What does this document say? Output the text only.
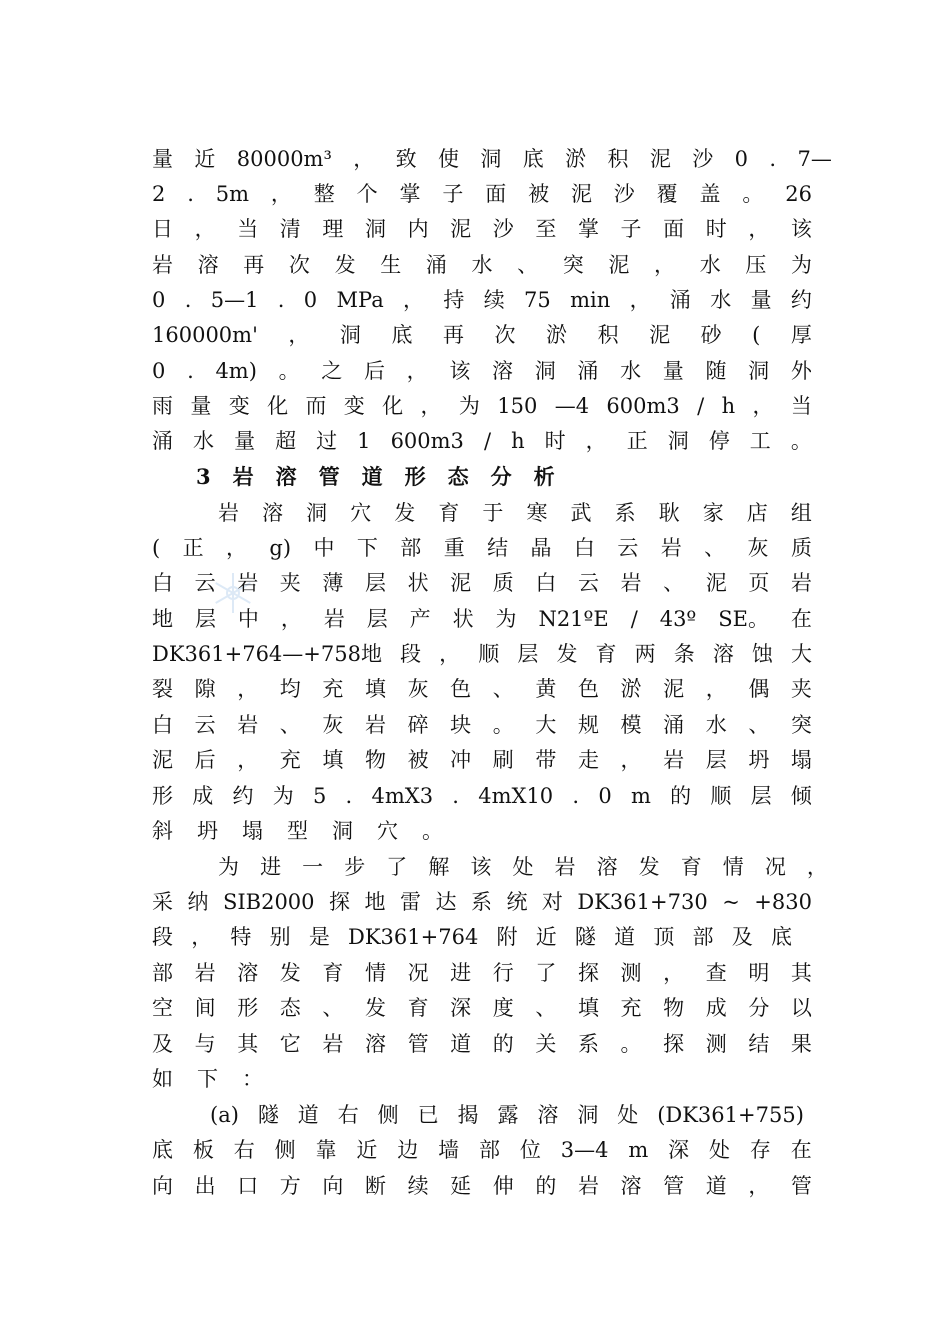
量 近 80000m³ ， 致 使 洞 底 淤 积 泥 沙 0 . 7—
2 . 5m ， 整 个 掌 子 面 被 泥 沙 覆 盖 。 26
日 ， 当 清 理 洞 内 泥 沙 至 掌 子 面 时 ， 该
岩 溶 再 次 发 生 涌 水 、 突 泥 ， 水 压 为
0 . 5—1 . 0 MPa ， 持 续 75 min ， 涌 水 量 约
160000m' ， 洞 底 再 次 淤 积 泥 砂 ( 厚
0 . 4m) 。 之 后 ， 该 溶 洞 涌 水 量 随 洞 外
雨 量 变 化 而 变 化 ， 为 150 —4 600m3 / h ， 当
涌 水 量 超 过 1 600m3 / h 时 ， 正 洞 停 工 。
3 岩 溶 管 道 形 态 分 析
岩 溶 洞 穴 发 育 于 寒 武 系 耿 家 店 组
( 正 ， g) 中 下 部 重 结 晶 白 云 岩 、 灰 质
白 云 岩 夹 薄 层 状 泥 质 白 云 岩 、 泥 页 岩
地 层 中 ， 岩 层 产 状 为 N21ºE / 43º SE。 在
DK361+764—+758地 段 ， 顺 层 发 育 两 条 溶 蚀 大
裂 隙 ， 均 充 填 灰 色 、 黄 色 淤 泥 ， 偶 夹
白 云 岩 、 灰 岩 碎 块 。 大 规 模 涌 水 、 突
泥 后 ， 充 填 物 被 冲 刷 带 走 ， 岩 层 坍 塌
形 成 约 为 5 . 4mX3 . 4mX10 . 0 m 的 顺 层 倾
斜 坍 塌 型 洞 穴 。
为 进 一 步 了 解 该 处 岩 溶 发 育 情 况 ，
采 纳 SIB2000 探 地 雷 达 系 统 对 DK361+730 ~ +830
段 ， 特 别 是 DK361+764 附 近 隧 道 顶 部 及 底
部 岩 溶 发 育 情 况 进 行 了 探 测 ， 查 明 其
空 间 形 态 、 发 育 深 度 、 填 充 物 成 分 以
及 与 其 它 岩 溶 管 道 的 关 系 。 探 测 结 果
如 下 ：
(a) 隧 道 右 侧 已 揭 露 溶 洞 处 (DK361+755)
底 板 右 侧 靠 近 边 墙 部 位 3—4 m 深 处 存 在
向 出 口 方 向 断 续 延 伸 的 岩 溶 管 道 ， 管
